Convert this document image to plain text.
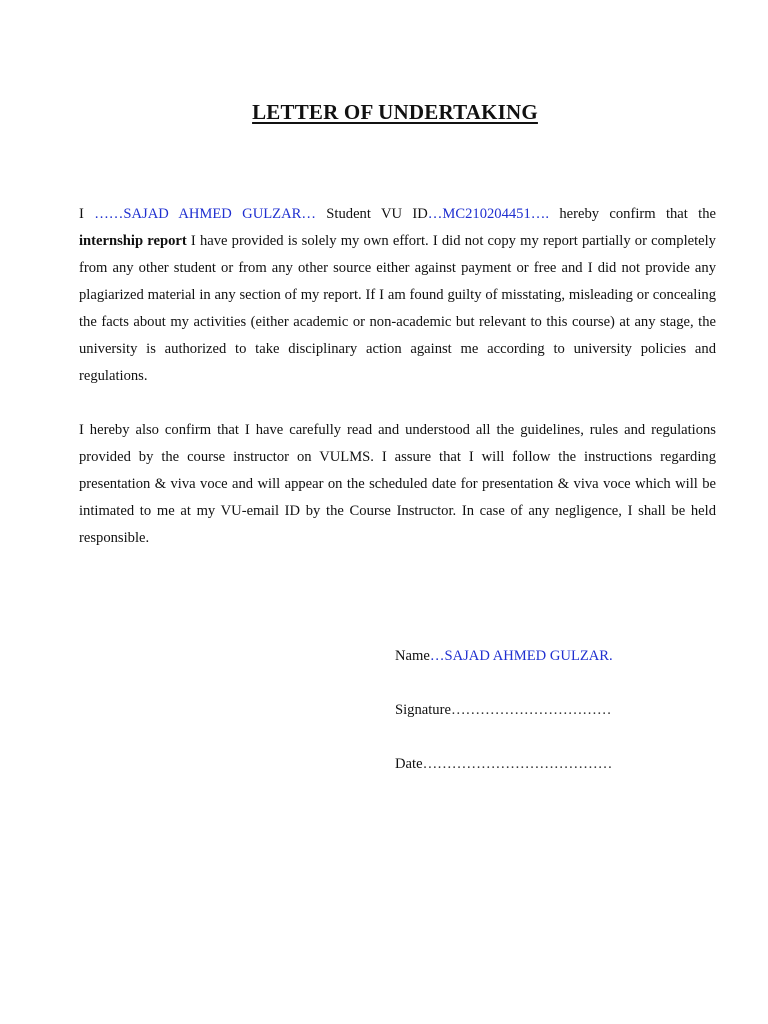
LETTER OF UNDERTAKING

I ……SAJAD AHMED GULZAR… Student VU ID…MC210204451…. hereby confirm that the internship report I have provided is solely my own effort. I did not copy my report partially or completely from any other student or from any other source either against payment or free and I did not provide any plagiarized material in any section of my report. If I am found guilty of misstating, misleading or concealing the facts about my activities (either academic or non-academic but relevant to this course) at any stage, the university is authorized to take disciplinary action against me according to university policies and regulations.

I hereby also confirm that I have carefully read and understood all the guidelines, rules and regulations provided by the course instructor on VULMS. I assure that I will follow the instructions regarding presentation & viva voce and will appear on the scheduled date for presentation & viva voce which will be intimated to me at my VU-email ID by the Course Instructor. In case of any negligence, I shall be held responsible.

Name…SAJAD AHMED GULZAR.
Signature……………………………
Date…………………………………
